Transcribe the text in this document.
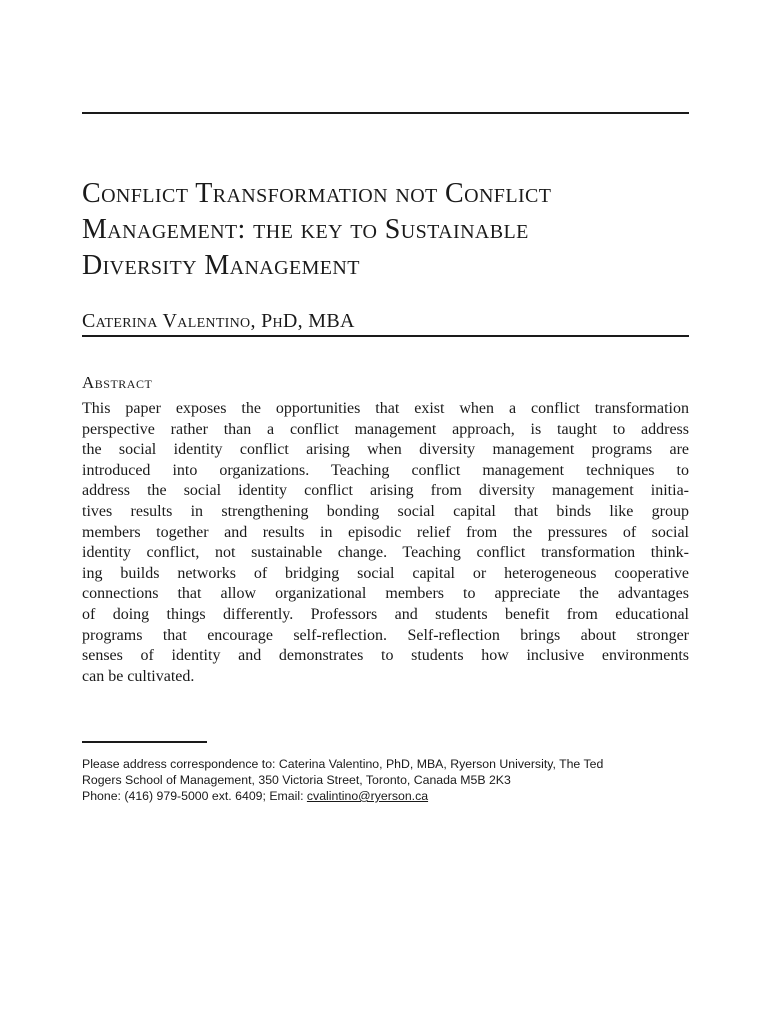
Conflict Transformation not Conflict
Management: the key to Sustainable
Diversity Management
Caterina Valentino, PhD, MBA
Abstract
This paper exposes the opportunities that exist when a conflict transformation
perspective rather than a conflict management approach, is taught to address
the social identity conflict arising when diversity management programs are
introduced into organizations. Teaching conflict management techniques to
address the social identity conflict arising from diversity management initia-
tives results in strengthening bonding social capital that binds like group
members together and results in episodic relief from the pressures of social
identity conflict, not sustainable change. Teaching conflict transformation think-
ing builds networks of bridging social capital or heterogeneous cooperative
connections that allow organizational members to appreciate the advantages
of doing things differently. Professors and students benefit from educational
programs that encourage self-reflection. Self-reflection brings about stronger
senses of identity and demonstrates to students how inclusive environments
can be cultivated.
Please address correspondence to: Caterina Valentino, PhD, MBA, Ryerson University, The Ted
Rogers School of Management, 350 Victoria Street, Toronto, Canada M5B 2K3
Phone: (416) 979-5000 ext. 6409; Email: cvalintino@ryerson.ca
